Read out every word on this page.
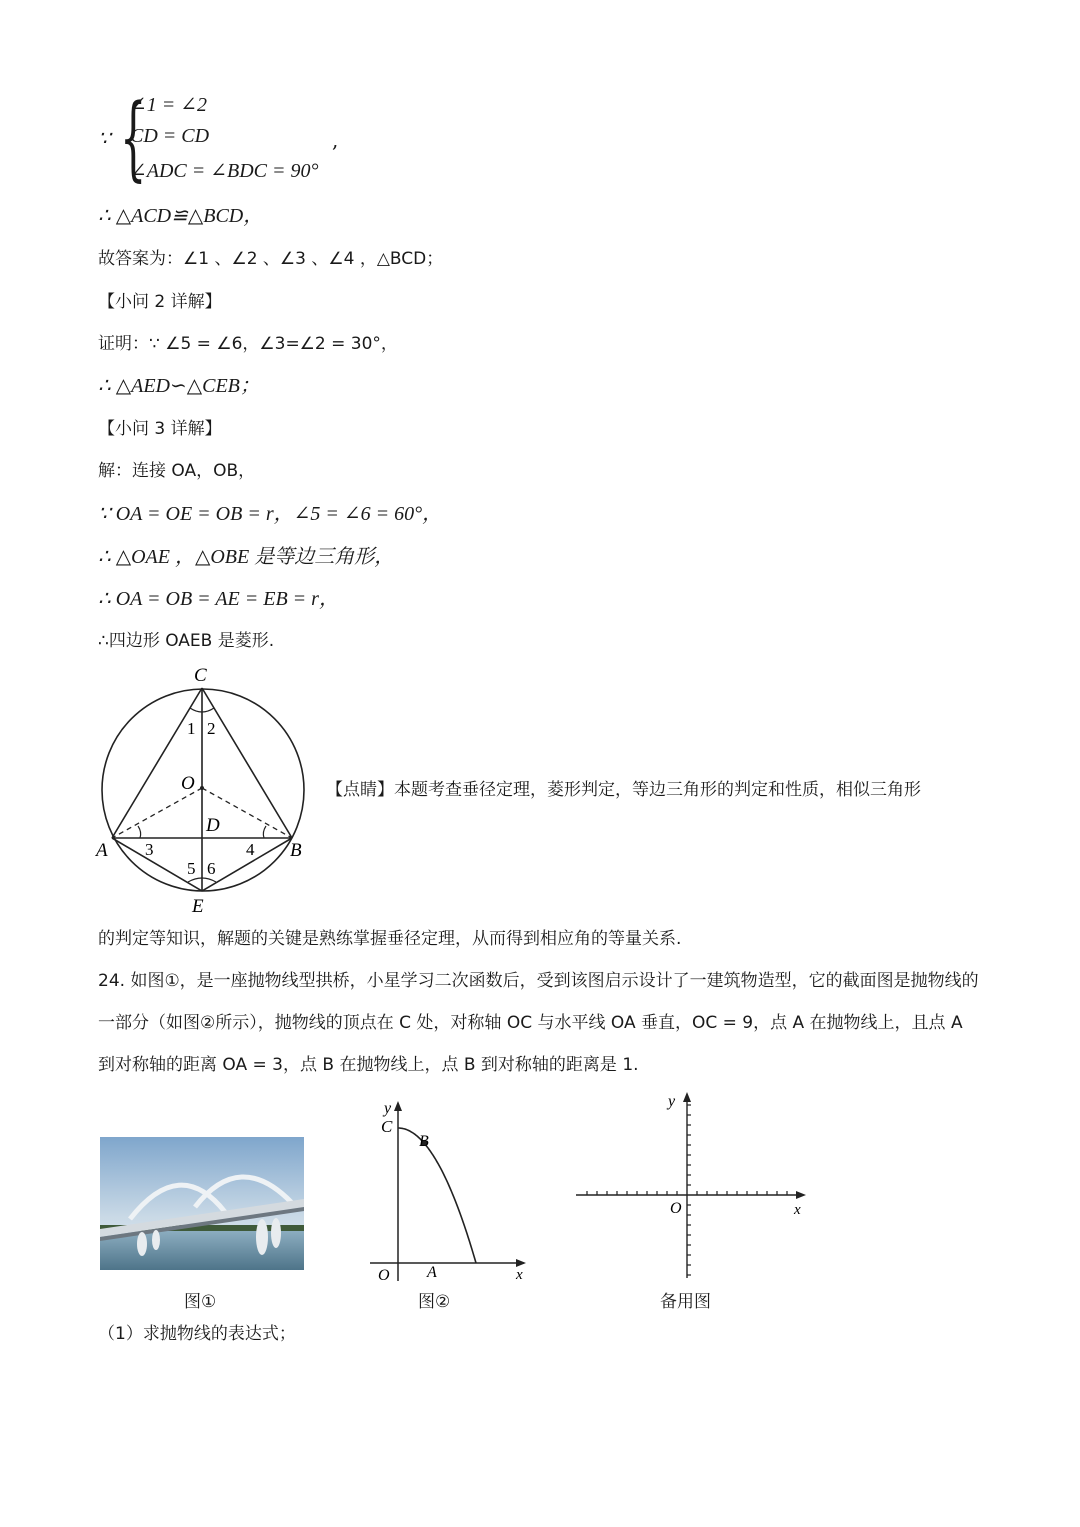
∵ {
∠1 = ∠2
CD = CD
∠ADC = ∠BDC = 90°
,
∴ △ACD≌△BCD，
故答案为：∠1 、∠2 、∠3 、∠4 ，△BCD；
【小问 2 详解】
证明：∵ ∠5 = ∠6，∠3=∠2 = 30°，
∴ △AED∽△CEB；
【小问 3 详解】
解：连接 OA，OB，
∵ OA = OE = OB = r，∠5 = ∠6 = 60°，
∴ △OAE ，△OBE 是等边三角形，
∴ OA = OB = AE = EB = r，
∴四边形 OAEB 是菱形.
C
O
D
A	B
E
1 2
3	4
5 6
【点睛】本题考查垂径定理，菱形判定，等边三角形的判定和性质，相似三角形
的判定等知识，解题的关键是熟练掌握垂径定理，从而得到相应角的等量关系.
24. 如图①，是一座抛物线型拱桥，小星学习二次函数后，受到该图启示设计了一建筑物造型，它的截面图是抛物线的一部分（如图②所示），抛物线的顶点在 C 处，对称轴 OC 与水平线 OA 垂直，OC = 9，点 A 在抛物线上，且点 A 到对称轴的距离 OA = 3，点 B 在抛物线上，点 B 到对称轴的距离是 1.
图①
y
C
B
O A	x
图②
y
O	x
备用图
（1）求抛物线的表达式；
